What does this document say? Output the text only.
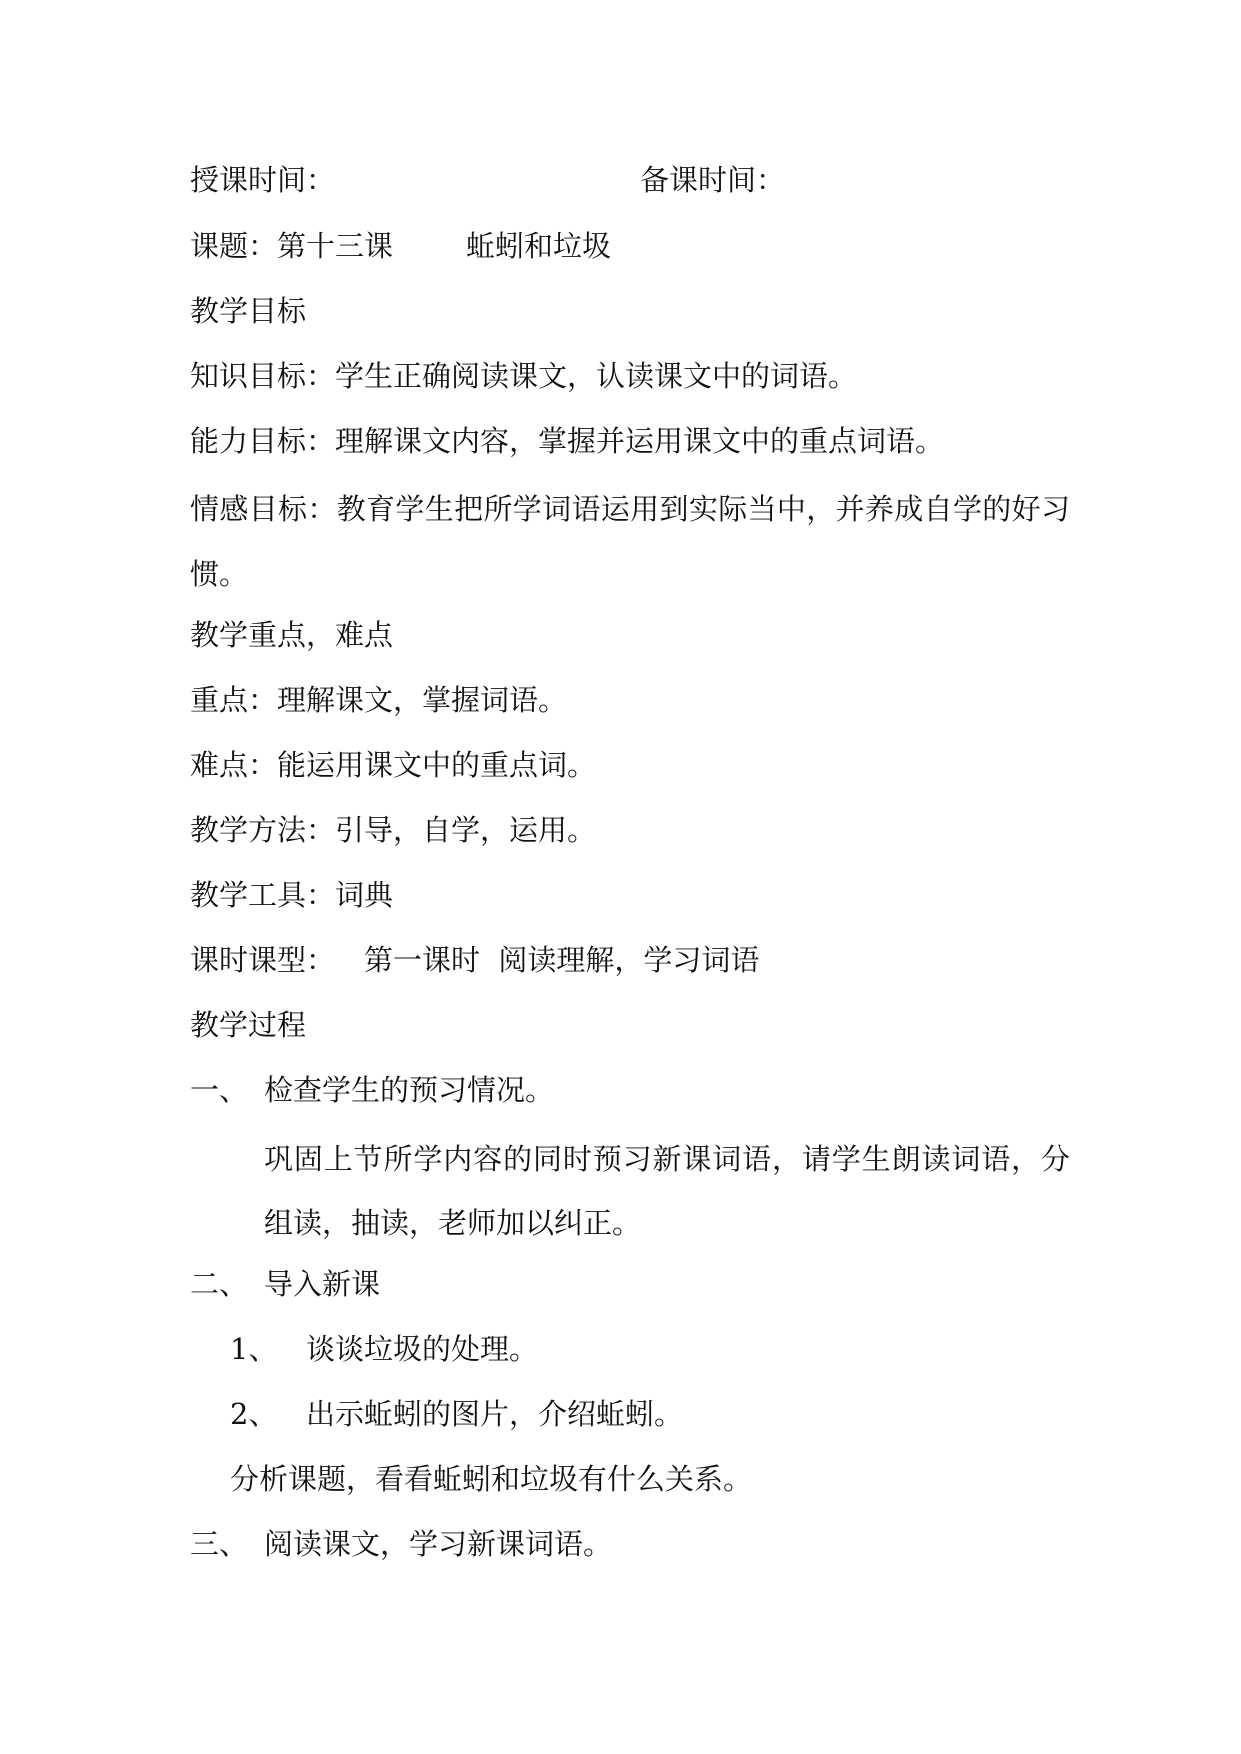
授课时间：	备课时间：
课题：第十三课	蚯蚓和垃圾
教学目标
知识目标：学生正确阅读课文，认读课文中的词语。
能力目标：理解课文内容，掌握并运用课文中的重点词语。
情感目标：教育学生把所学词语运用到实际当中，并养成自学的好习惯。
教学重点，难点
重点：理解课文，掌握词语。
难点：能运用课文中的重点词。
教学方法：引导，自学，运用。
教学工具：词典
课时课型： 第一课时  阅读理解，学习词语
教学过程
一、 检查学生的预习情况。
巩固上节所学内容的同时预习新课词语，请学生朗读词语，分组读，抽读，老师加以纠正。
二、 导入新课
1、 谈谈垃圾的处理。
2、 出示蚯蚓的图片，介绍蚯蚓。
分析课题，看看蚯蚓和垃圾有什么关系。
三、 阅读课文，学习新课词语。
